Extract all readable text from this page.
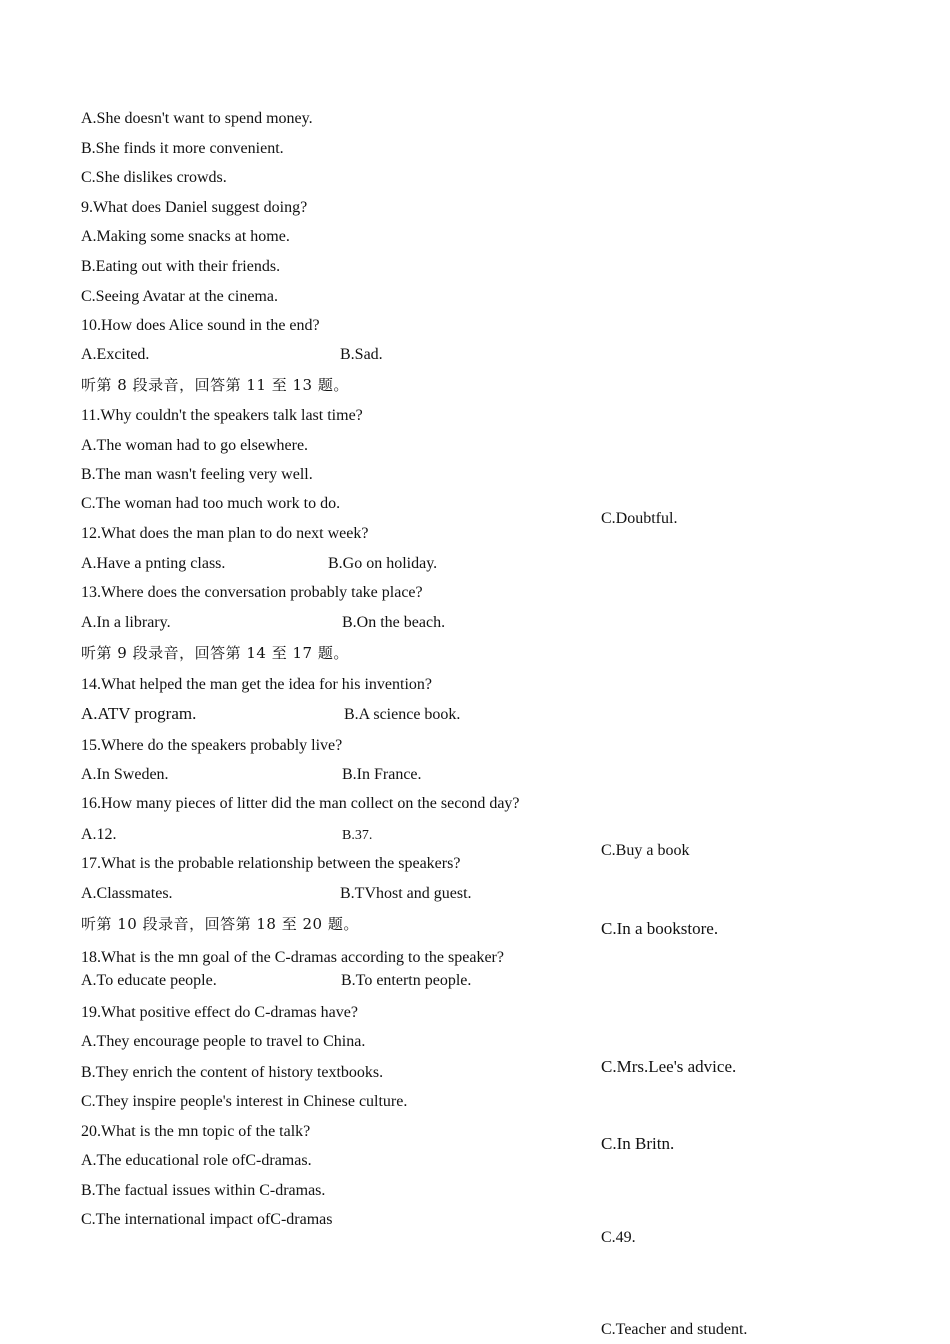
A.She doesn't want to spend money.
B.She finds it more convenient.
C.She dislikes crowds.
9.What does Daniel suggest doing?
A.Making some snacks at home.
B.Eating out with their friends.
C.Seeing Avatar at the cinema.
10.How does Alice sound in the end?
A.Excited.	B.Sad.
听第 8 段录音，回答第 11 至 13 题。
11.Why couldn't the speakers talk last time?
A.The woman had to go elsewhere.
B.The man wasn't feeling very well.
C.The woman had too much work to do.
C.Doubtful.
12.What does the man plan to do next week?
A.Have a pnting class.	B.Go on holiday.
13.Where does the conversation probably take place?
A.In a library.	B.On the beach.
听第 9 段录音，回答第 14 至 17 题。
14.What helped the man get the idea for his invention?
A.ATV program.	B.A science book.
15.Where do the speakers probably live?
A.In Sweden.	B.In France.
16.How many pieces of litter did the man collect on the second day?
A.12.	B.37.
C.Buy a book
17.What is the probable relationship between the speakers?
A.Classmates.	B.TVhost and guest.
听第 10 段录音，回答第 18 至 20 题。	C.In a bookstore.
18.What is the mn goal of the C-dramas according to the speaker?
A.To educate people.	B.To entertn people.
19.What positive effect do C-dramas have?
A.They encourage people to travel to China.
C.Mrs.Lee's advice.
B.They enrich the content of history textbooks.
C.They inspire people's interest in Chinese culture.
20.What is the mn topic of the talk?
C.In Britn.
A.The educational role ofC-dramas.
B.The factual issues within C-dramas.
C.The international impact ofC-dramas
C.49.
C.Teacher and student.
